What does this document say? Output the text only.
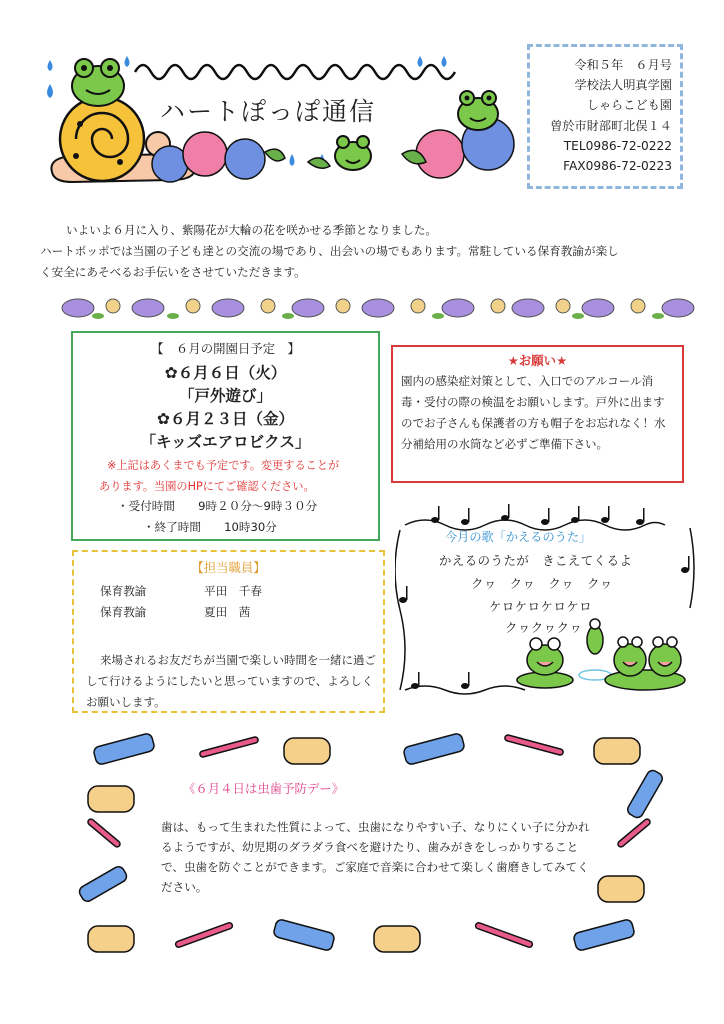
ハートぽっぽ通信
令和５年　６月号
学校法人明真学園
しゃらこども園
曽於市財部町北俣１４
TEL0986-72-0222
FAX0986-72-0223

いよいよ６月に入り、紫陽花が大輪の花を咲かせる季節となりました。

ハートポッポでは当園の子ども達との交流の場であり、出会いの場でもあります。常駐している保育教諭が楽し

く安全にあそべるお手伝いをさせていただきます。

【　６月の開園日予定　】
✿６月６日（火）
「戸外遊び」
✿６月２３日（金）
「キッズエアロビクス」
※上記はあくまでも予定です。変更することが
あります。当園のHPにてご確認ください。
・受付時間　　9時２０分～9時３０分
・終了時間　　10時30分
★お願い★
園内の感染症対策として、入口でのアルコール消毒・受付の際の検温をお願いします。戸外に出ますのでお子さんも保護者の方も帽子をお忘れなく！水分補給用の水筒など必ずご準備下さい。
【担当職員】
保育教諭	平田　千春
保育教諭	夏田　茜
来場されるお友だちが当園で楽しい時間を一緒に過ごして行けるようにしたいと思っていますので、よろしくお願いします。
今月の歌「かえるのうた」
かえるのうたが　きこえてくるよ
クヮ　クヮ　クヮ　クヮ
ケロケロケロケロ
クヮクヮクヮ
《６月４日は虫歯予防デー》
歯は、もって生まれた性質によって、虫歯になりやすい子、なりにくい子に分かれるようですが、幼児期のダラダラ食べを避けたり、歯みがきをしっかりすることで、虫歯を防ぐことができます。ご家庭で音楽に合わせて楽しく歯磨きしてみてください。
